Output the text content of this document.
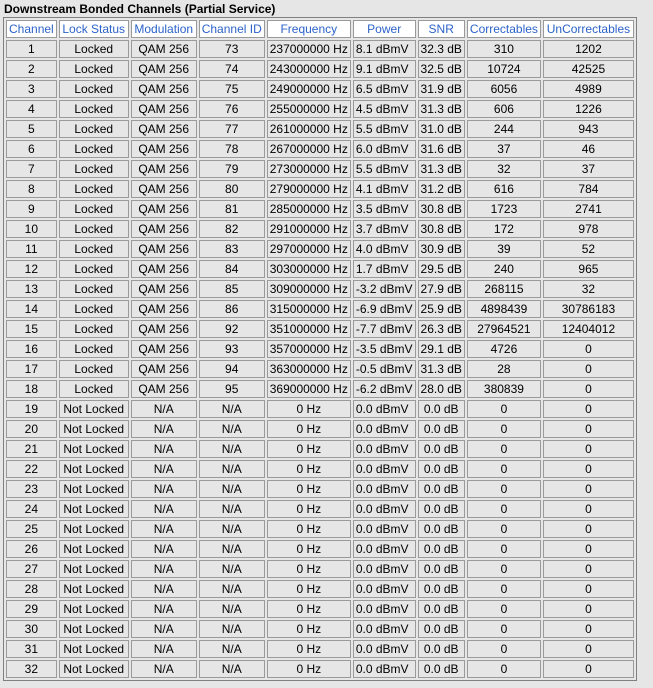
Downstream Bonded Channels (Partial Service)
Channel	Lock Status	Modulation	Channel ID	Frequency	Power	SNR	Correctables	UnCorrectables
1	Locked	QAM 256	73	237000000 Hz	8.1 dBmV	32.3 dB	310	1202
2	Locked	QAM 256	74	243000000 Hz	9.1 dBmV	32.5 dB	10724	42525
3	Locked	QAM 256	75	249000000 Hz	6.5 dBmV	31.9 dB	6056	4989
4	Locked	QAM 256	76	255000000 Hz	4.5 dBmV	31.3 dB	606	1226
5	Locked	QAM 256	77	261000000 Hz	5.5 dBmV	31.0 dB	244	943
6	Locked	QAM 256	78	267000000 Hz	6.0 dBmV	31.6 dB	37	46
7	Locked	QAM 256	79	273000000 Hz	5.5 dBmV	31.3 dB	32	37
8	Locked	QAM 256	80	279000000 Hz	4.1 dBmV	31.2 dB	616	784
9	Locked	QAM 256	81	285000000 Hz	3.5 dBmV	30.8 dB	1723	2741
10	Locked	QAM 256	82	291000000 Hz	3.7 dBmV	30.8 dB	172	978
11	Locked	QAM 256	83	297000000 Hz	4.0 dBmV	30.9 dB	39	52
12	Locked	QAM 256	84	303000000 Hz	1.7 dBmV	29.5 dB	240	965
13	Locked	QAM 256	85	309000000 Hz	-3.2 dBmV	27.9 dB	268115	32
14	Locked	QAM 256	86	315000000 Hz	-6.9 dBmV	25.9 dB	4898439	30786183
15	Locked	QAM 256	92	351000000 Hz	-7.7 dBmV	26.3 dB	27964521	12404012
16	Locked	QAM 256	93	357000000 Hz	-3.5 dBmV	29.1 dB	4726	0
17	Locked	QAM 256	94	363000000 Hz	-0.5 dBmV	31.3 dB	28	0
18	Locked	QAM 256	95	369000000 Hz	-6.2 dBmV	28.0 dB	380839	0
19	Not Locked	N/A	N/A	0 Hz	0.0 dBmV	0.0 dB	0	0
20	Not Locked	N/A	N/A	0 Hz	0.0 dBmV	0.0 dB	0	0
21	Not Locked	N/A	N/A	0 Hz	0.0 dBmV	0.0 dB	0	0
22	Not Locked	N/A	N/A	0 Hz	0.0 dBmV	0.0 dB	0	0
23	Not Locked	N/A	N/A	0 Hz	0.0 dBmV	0.0 dB	0	0
24	Not Locked	N/A	N/A	0 Hz	0.0 dBmV	0.0 dB	0	0
25	Not Locked	N/A	N/A	0 Hz	0.0 dBmV	0.0 dB	0	0
26	Not Locked	N/A	N/A	0 Hz	0.0 dBmV	0.0 dB	0	0
27	Not Locked	N/A	N/A	0 Hz	0.0 dBmV	0.0 dB	0	0
28	Not Locked	N/A	N/A	0 Hz	0.0 dBmV	0.0 dB	0	0
29	Not Locked	N/A	N/A	0 Hz	0.0 dBmV	0.0 dB	0	0
30	Not Locked	N/A	N/A	0 Hz	0.0 dBmV	0.0 dB	0	0
31	Not Locked	N/A	N/A	0 Hz	0.0 dBmV	0.0 dB	0	0
32	Not Locked	N/A	N/A	0 Hz	0.0 dBmV	0.0 dB	0	0
